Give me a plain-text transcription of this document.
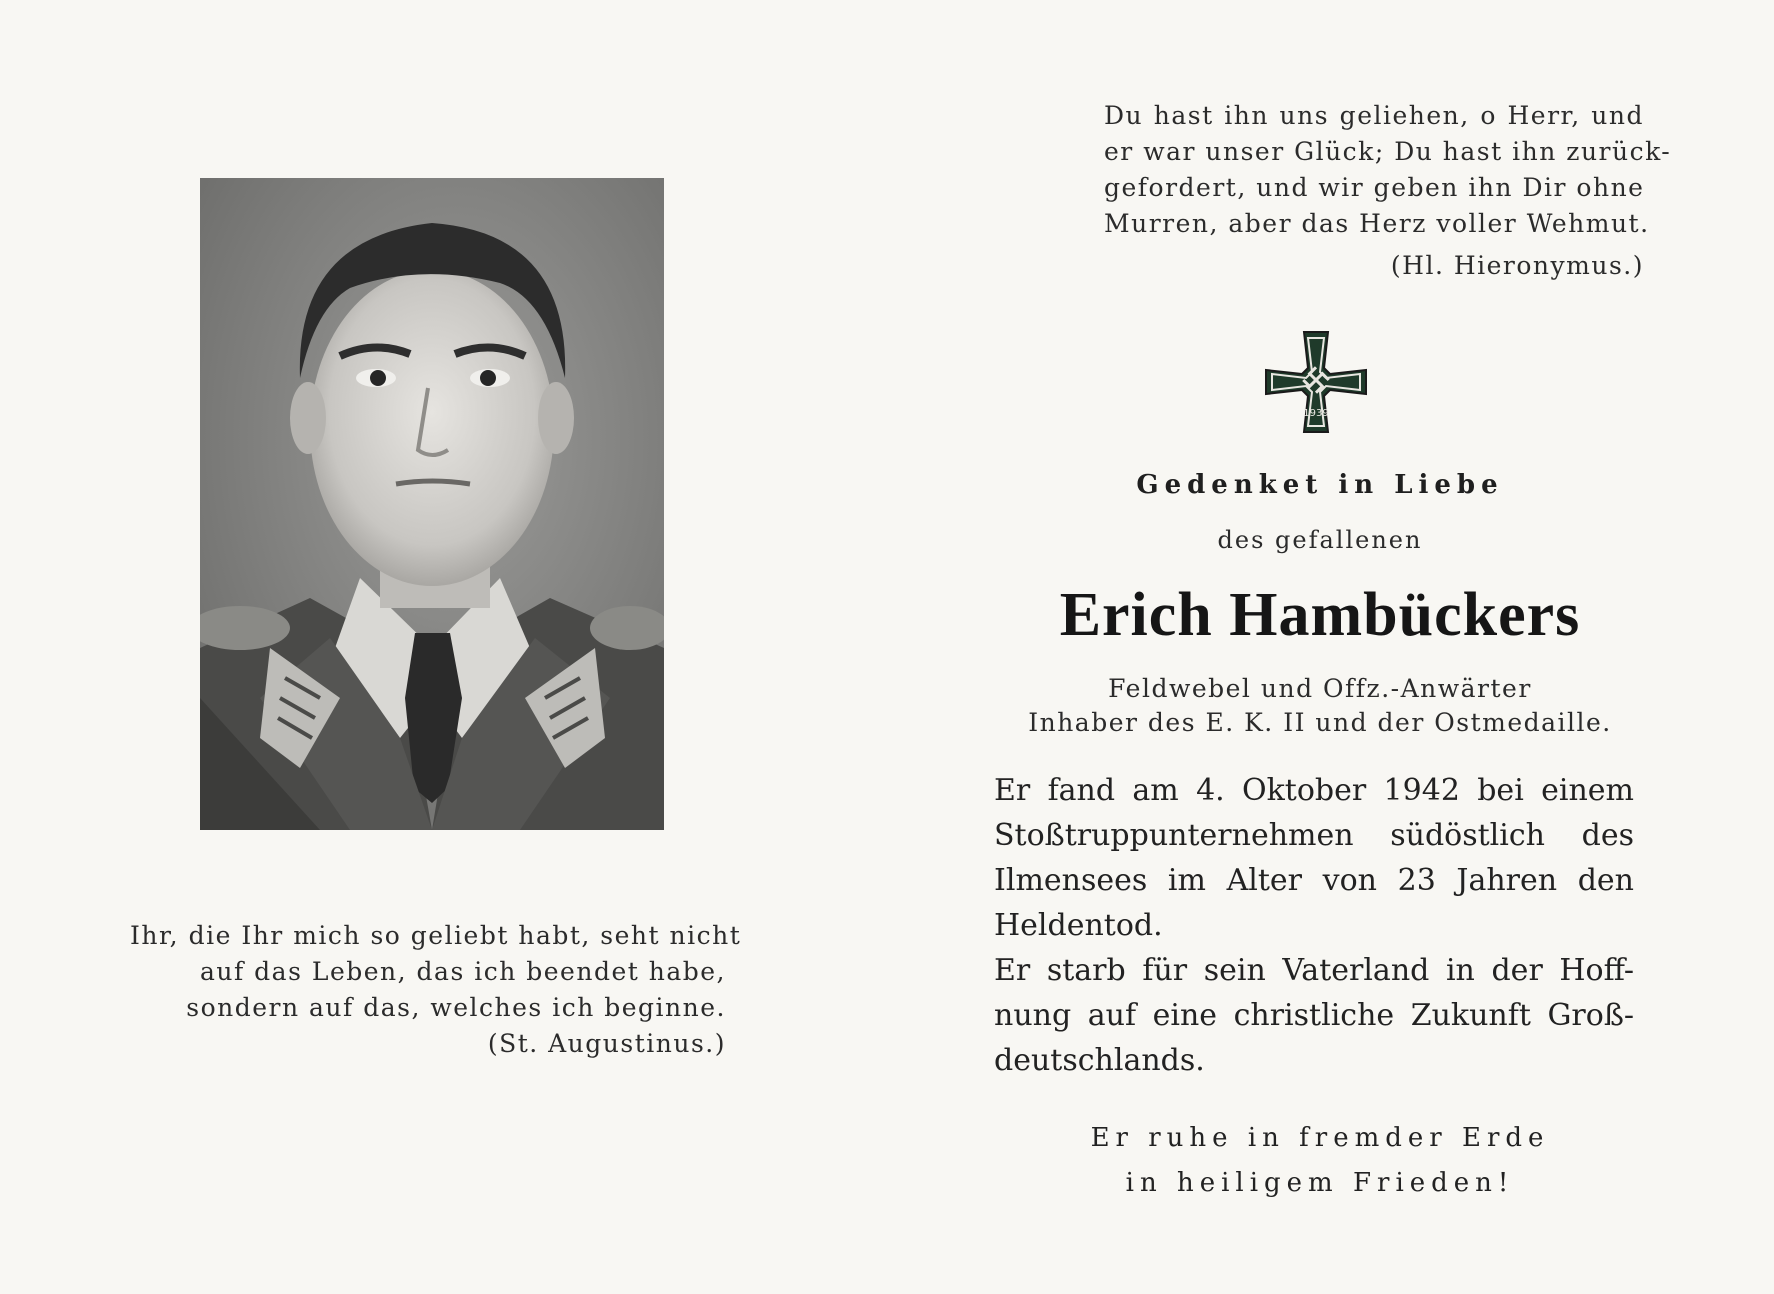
Ihr, die Ihr mich so geliebt habt, seht nicht
auf das Leben, das ich beendet habe,
sondern auf das, welches ich beginne.
(St. Augustinus.)
Du hast ihn uns geliehen, o Herr, und
er war unser Glück; Du hast ihn zurück-
gefordert, und wir geben ihn Dir ohne
Murren, aber das Herz voller Wehmut.
(Hl. Hieronymus.)
1939
Gedenket in Liebe
des gefallenen
Erich Hambückers
Feldwebel und Offz.-Anwärter
Inhaber des E. K. II und der Ostmedaille.
Er fand am 4. Oktober 1942 bei einem
Stoßtruppunternehmen südöstlich des
Ilmensees im Alter von 23 Jahren den
Heldentod.
Er starb für sein Vaterland in der Hoff-
nung auf eine christliche Zukunft Groß-
deutschlands.
Er ruhe in fremder Erde
in heiligem Frieden!
